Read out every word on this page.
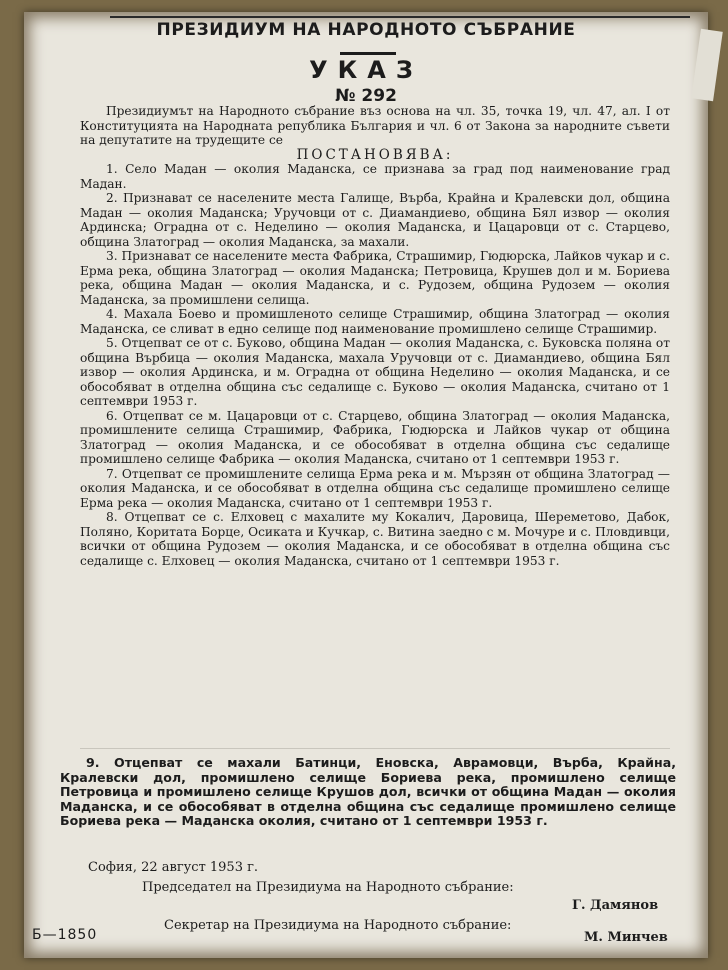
ПРЕЗИДИУМ НА НАРОДНОТО СЪБРАНИЕ
УКАЗ
№ 292

Президиумът на Народното събрание въз основа на чл. 35, точка 19, чл. 47, ал. I от Конституцията на Народната република България и чл. 6 от Закона за народните съвети на депутатите на трудещите се

ПОСТАНОВЯВА:

1. Село Мадан — околия Маданска, се признава за град под наименование град Мадан.

2. Признават се населените места Галище, Върба, Крайна и Кралевски дол, община Мадан — околия Маданска; Уручовци от с. Диамандиево, община Бял извор — околия Ардинска; Оградна от с. Неделино — околия Маданска, и Цацаровци от с. Старцево, община Златоград — околия Маданска, за махали.

3. Признават се населените места Фабрика, Страшимир, Гюдюрска, Лайков чукар и с. Ерма река, община Златоград — околия Маданска; Петровица, Крушев дол и м. Бориева река, община Мадан — околия Маданска, и с. Рудозем, община Рудозем — околия Маданска, за промишлени селища.

4. Махала Боево и промишленото селище Страшимир, община Златоград — околия Маданска, се сливат в едно селище под наименование промишлено селище Страшимир.

5. Отцепват се от с. Буково, община Мадан — околия Маданска, с. Буковска поляна от община Върбица — околия Маданска, махала Уручовци от с. Диамандиево, община Бял извор — околия Ардинска, и м. Оградна от община Неделино — околия Маданска, и се обособяват в отделна община със седалище с. Буково — околия Маданска, считано от 1 септември 1953 г.

6. Отцепват се м. Цацаровци от с. Старцево, община Златоград — околия Маданска, промишлените селища Страшимир, Фабрика, Гюдюрска и Лайков чукар от община Златоград — околия Маданска, и се обособяват в отделна община със седалище промишлено селище Фабрика — околия Маданска, считано от 1 септември 1953 г.

7. Отцепват се промишлените селища Ерма река и м. Мързян от община Златоград — околия Маданска, и се обособяват в отделна община със седалище промишлено селище Ерма река — околия Маданска, считано от 1 септември 1953 г.

8. Отцепват се с. Елховец с махалите му Кокалич, Даровица, Шереметово, Дабок, Поляно, Коритата Борце, Осиката и Кучкар, с. Витина заедно с м. Мочуре и с. Пловдивци, всички от община Рудозем — околия Маданска, и се обособяват в отделна община със седалище с. Елховец — околия Маданска, считано от 1 септември 1953 г.

9. Отцепват се махали Батинци, Еновска, Аврамовци, Върба, Крайна, Кралевски дол, промишлено селище Бориева река, промишлено селище Петровица и промишлено селище Крушов дол, всички от община Мадан — околия Маданска, и се обособяват в отделна община със седалище промишлено селище Бориева река — Маданска околия, считано от 1 септември 1953 г.

София, 22 август 1953 г.
Председател на Президиума на Народното събрание:
Г. Дамянов
Секретар на Президиума на Народното събрание:
Б—1850	М. Минчев
